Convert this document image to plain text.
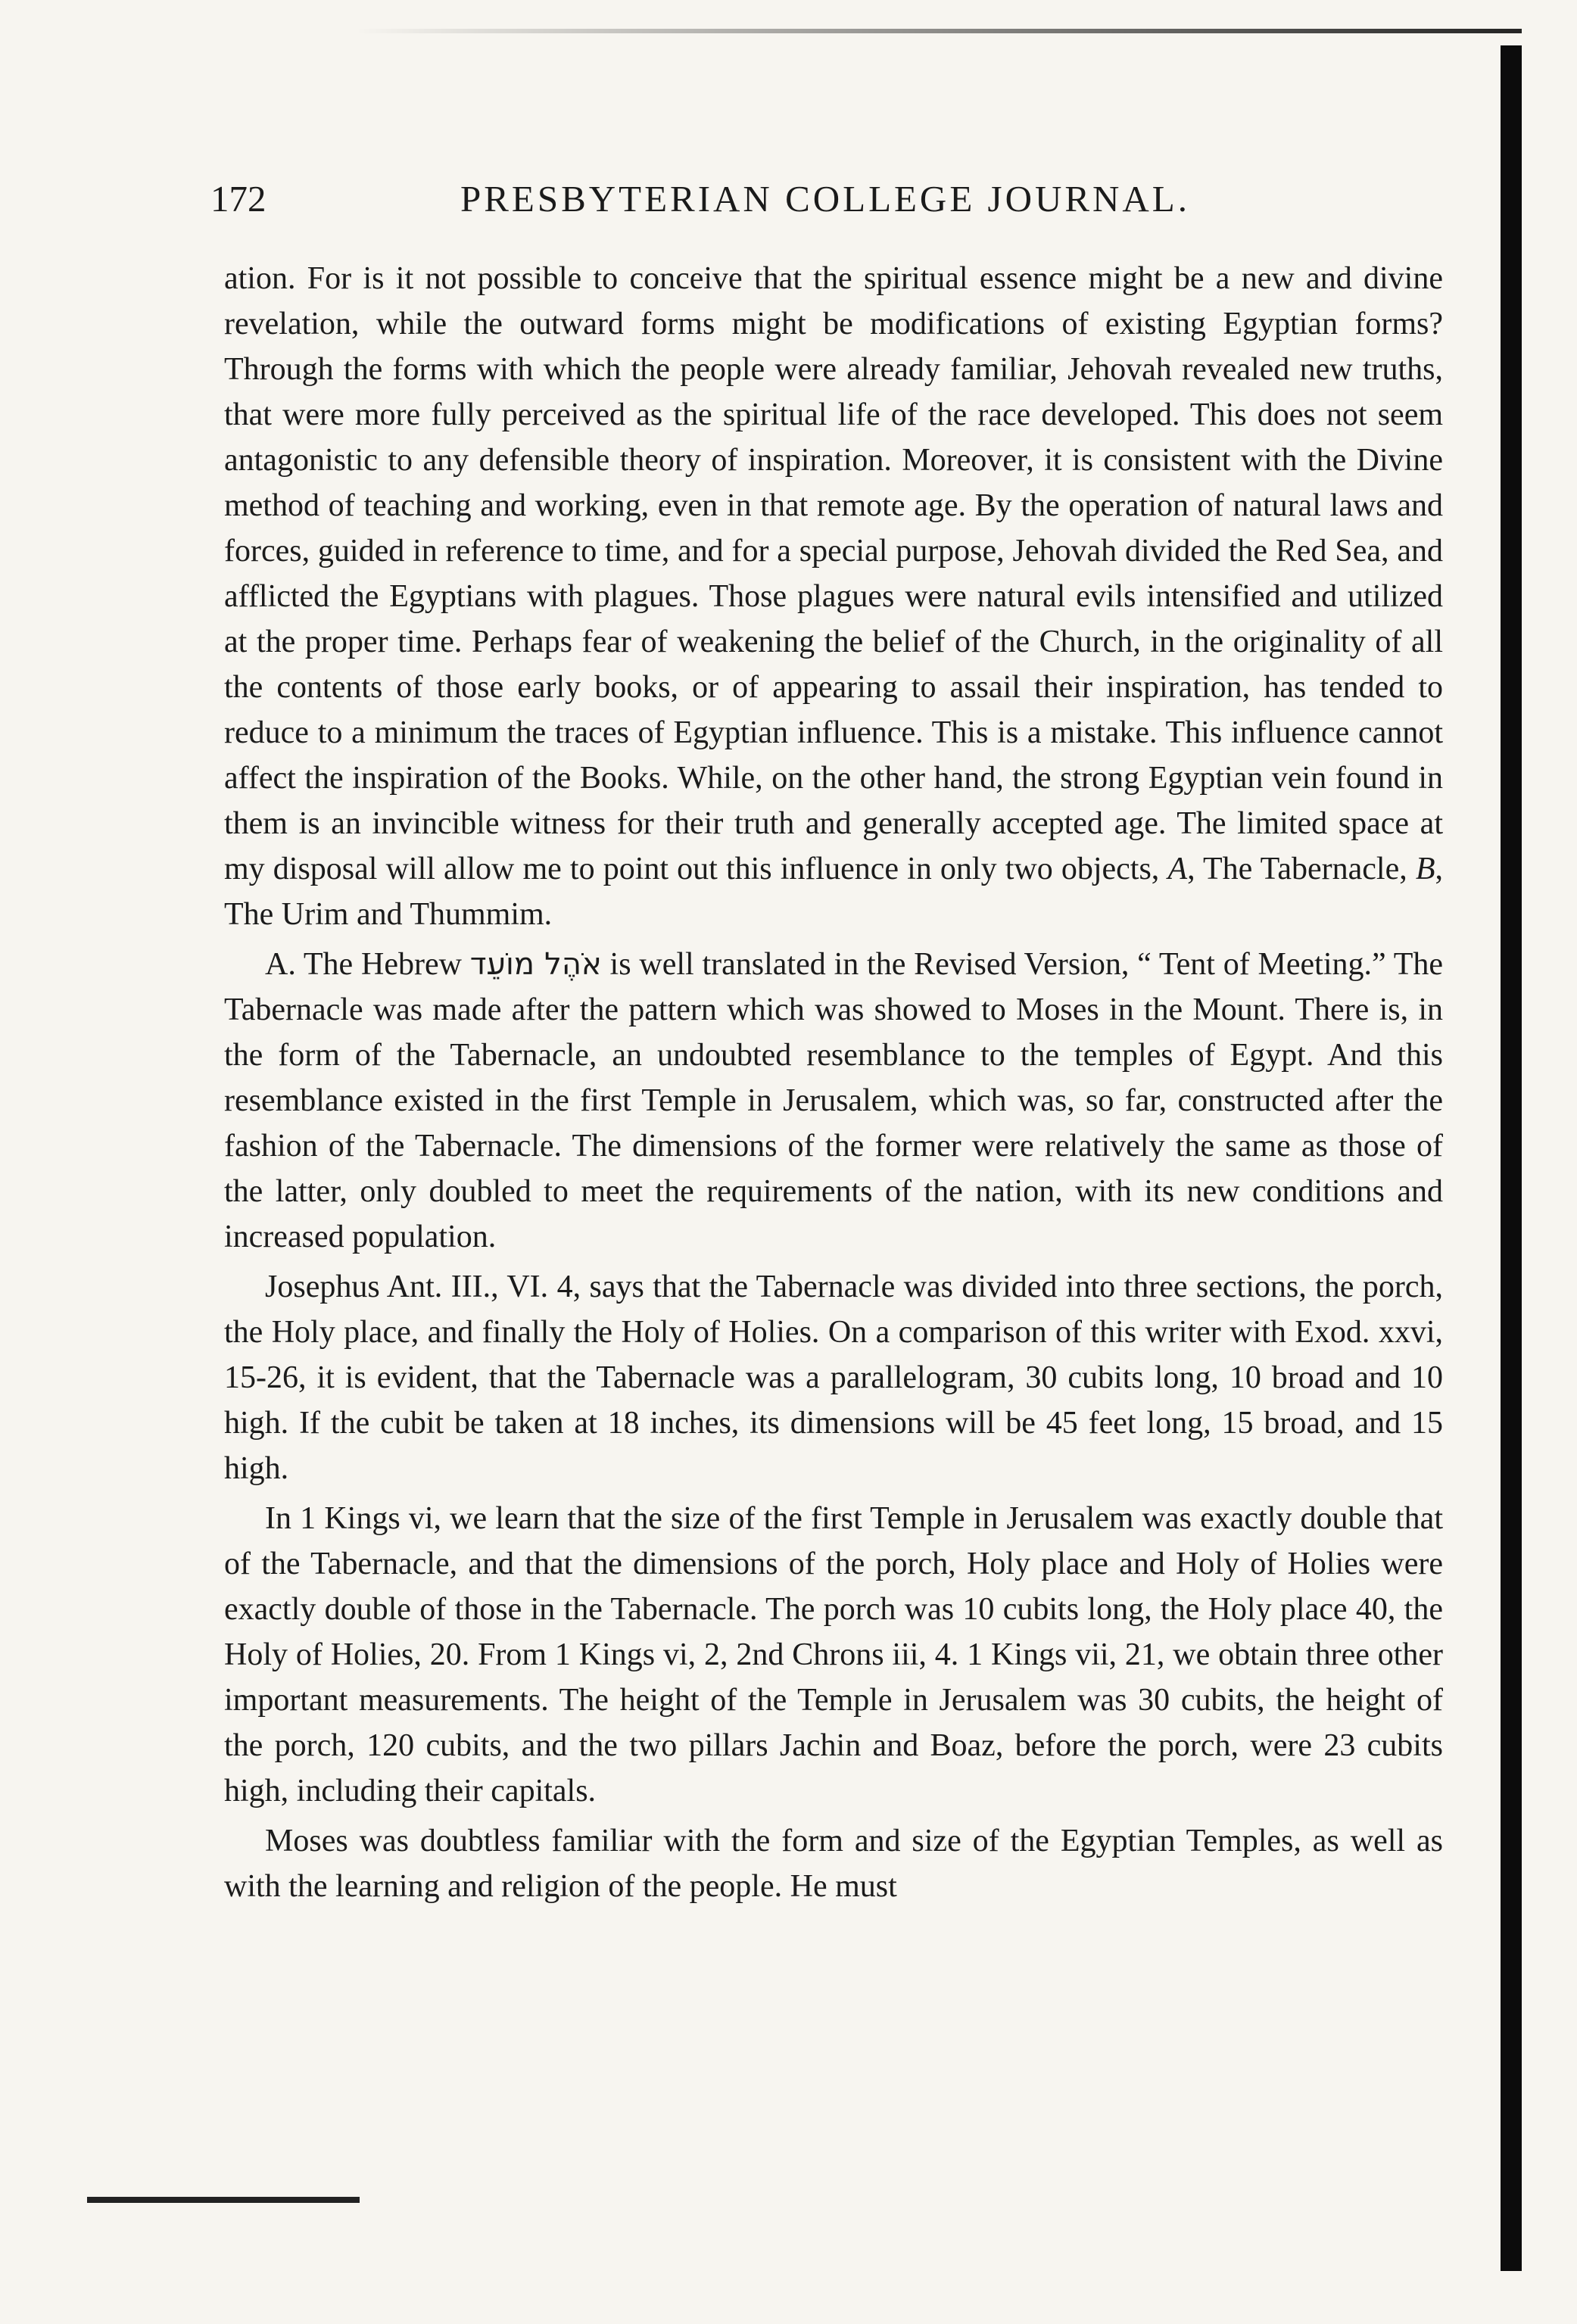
172	PRESBYTERIAN COLLEGE JOURNAL.

ation. For is it not possible to conceive that the spiritual essence might be a new and divine revelation, while the outward forms might be modifications of existing Egyptian forms? Through the forms with which the people were already familiar, Jehovah revealed new truths, that were more fully perceived as the spiritual life of the race developed. This does not seem antagonistic to any defensible theory of inspiration. Moreover, it is consistent with the Divine method of teaching and working, even in that remote age. By the operation of natural laws and forces, guided in reference to time, and for a special purpose, Jehovah divided the Red Sea, and afflicted the Egyptians with plagues. Those plagues were natural evils intensified and utilized at the proper time. Perhaps fear of weakening the belief of the Church, in the originality of all the contents of those early books, or of appearing to assail their inspiration, has tended to reduce to a minimum the traces of Egyptian influence. This is a mistake. This influence cannot affect the inspiration of the Books. While, on the other hand, the strong Egyptian vein found in them is an invincible witness for their truth and generally accepted age. The limited space at my disposal will allow me to point out this influence in only two objects, A, The Tabernacle, B, The Urim and Thummim.

A. The Hebrew אֹהֶל מוֹעֵד is well translated in the Revised Version, “ Tent of Meeting.” The Tabernacle was made after the pattern which was showed to Moses in the Mount. There is, in the form of the Tabernacle, an undoubted resemblance to the temples of Egypt. And this resemblance existed in the first Temple in Jerusalem, which was, so far, constructed after the fashion of the Tabernacle. The dimensions of the former were relatively the same as those of the latter, only doubled to meet the requirements of the nation, with its new conditions and increased population.

Josephus Ant. III., VI. 4, says that the Tabernacle was divided into three sections, the porch, the Holy place, and finally the Holy of Holies. On a comparison of this writer with Exod. xxvi, 15-26, it is evident, that the Tabernacle was a parallelogram, 30 cubits long, 10 broad and 10 high. If the cubit be taken at 18 inches, its dimensions will be 45 feet long, 15 broad, and 15 high.

In 1 Kings vi, we learn that the size of the first Temple in Jerusalem was exactly double that of the Tabernacle, and that the dimensions of the porch, Holy place and Holy of Holies were exactly double of those in the Tabernacle. The porch was 10 cubits long, the Holy place 40, the Holy of Holies, 20. From 1 Kings vi, 2, 2nd Chrons iii, 4. 1 Kings vii, 21, we obtain three other important measurements. The height of the Temple in Jerusalem was 30 cubits, the height of the porch, 120 cubits, and the two pillars Jachin and Boaz, before the porch, were 23 cubits high, including their capitals.

Moses was doubtless familiar with the form and size of the Egyptian Temples, as well as with the learning and religion of the people. He must
